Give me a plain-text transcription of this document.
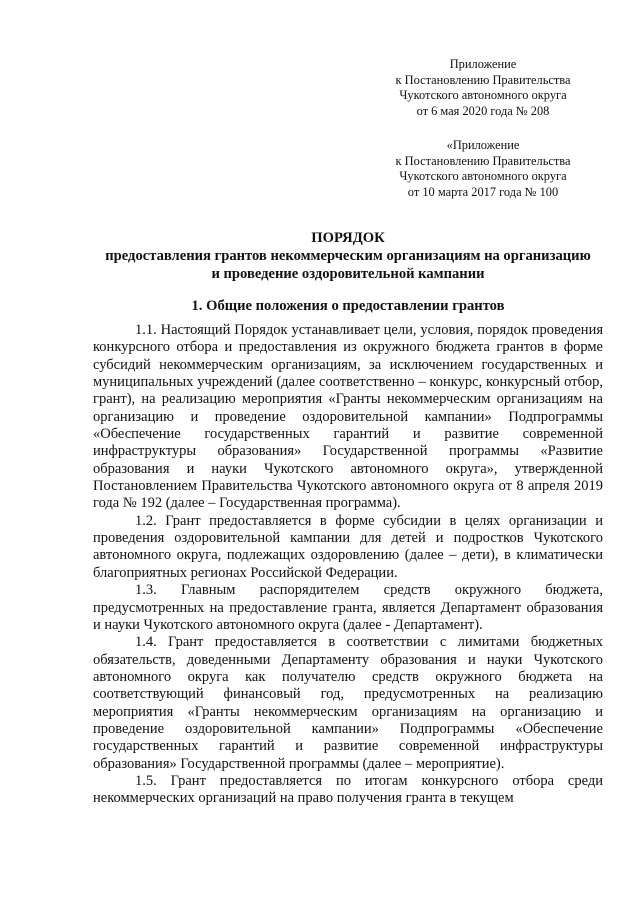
Приложение
к Постановлению Правительства
Чукотского автономного округа
от 6 мая 2020 года № 208
«Приложение
к Постановлению Правительства
Чукотского автономного округа
от 10 марта 2017 года № 100
ПОРЯДОК
предоставления грантов некоммерческим организациям на организацию
и проведение оздоровительной кампании
1. Общие положения о предоставлении грантов

1.1. Настоящий Порядок устанавливает цели, условия, порядок проведения конкурсного отбора и предоставления из окружного бюджета грантов в форме субсидий некоммерческим организациям, за исключением государственных и муниципальных учреждений (далее соответственно – конкурс, конкурсный отбор, грант), на реализацию мероприятия «Гранты некоммерческим организациям на организацию и проведение оздоровительной кампании» Подпрограммы «Обеспечение государственных гарантий и развитие современной инфраструктуры образования» Государственной программы «Развитие образования и науки Чукотского автономного округа», утвержденной Постановлением Правительства Чукотского автономного округа от 8 апреля 2019 года № 192 (далее – Государственная программа).

1.2. Грант предоставляется в форме субсидии в целях организации и проведения оздоровительной кампании для детей и подростков Чукотского автономного округа, подлежащих оздоровлению (далее – дети), в климатически благоприятных регионах Российской Федерации.

1.3. Главным распорядителем средств окружного бюджета, предусмотренных на предоставление гранта, является Департамент образования и науки Чукотского автономного округа (далее - Департамент).

1.4. Грант предоставляется в соответствии с лимитами бюджетных обязательств, доведенными Департаменту образования и науки Чукотского автономного округа как получателю средств окружного бюджета на соответствующий финансовый год, предусмотренных на реализацию мероприятия «Гранты некоммерческим организациям на организацию и проведение оздоровительной кампании» Подпрограммы «Обеспечение государственных гарантий и развитие современной инфраструктуры образования» Государственной программы (далее – мероприятие).

1.5. Грант предоставляется по итогам конкурсного отбора среди некоммерческих организаций на право получения гранта в текущем
